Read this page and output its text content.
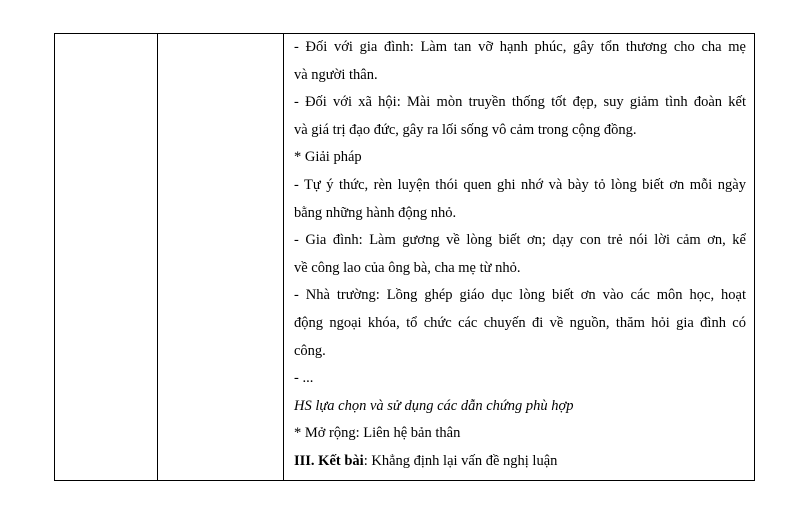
- Đối với gia đình: Làm tan vỡ hạnh phúc, gây tổn thương cho cha mẹ
và người thân.
- Đối với xã hội: Mài mòn truyền thống tốt đẹp, suy giảm tình đoàn kết
và giá trị đạo đức, gây ra lối sống vô cảm trong cộng đồng.
* Giải pháp
- Tự ý thức, rèn luyện thói quen ghi nhớ và bày tỏ lòng biết ơn mỗi ngày
bằng những hành động nhỏ.
- Gia đình: Làm gương về lòng biết ơn; dạy con trẻ nói lời cảm ơn, kể
về công lao của ông bà, cha mẹ từ nhỏ.
- Nhà trường: Lồng ghép giáo dục lòng biết ơn vào các môn học, hoạt
động ngoại khóa, tổ chức các chuyến đi về nguồn, thăm hỏi gia đình có
công.
- ...
HS lựa chọn và sử dụng các dẫn chứng phù hợp
* Mở rộng: Liên hệ bản thân
III. Kết bài: Khẳng định lại vấn đề nghị luận
